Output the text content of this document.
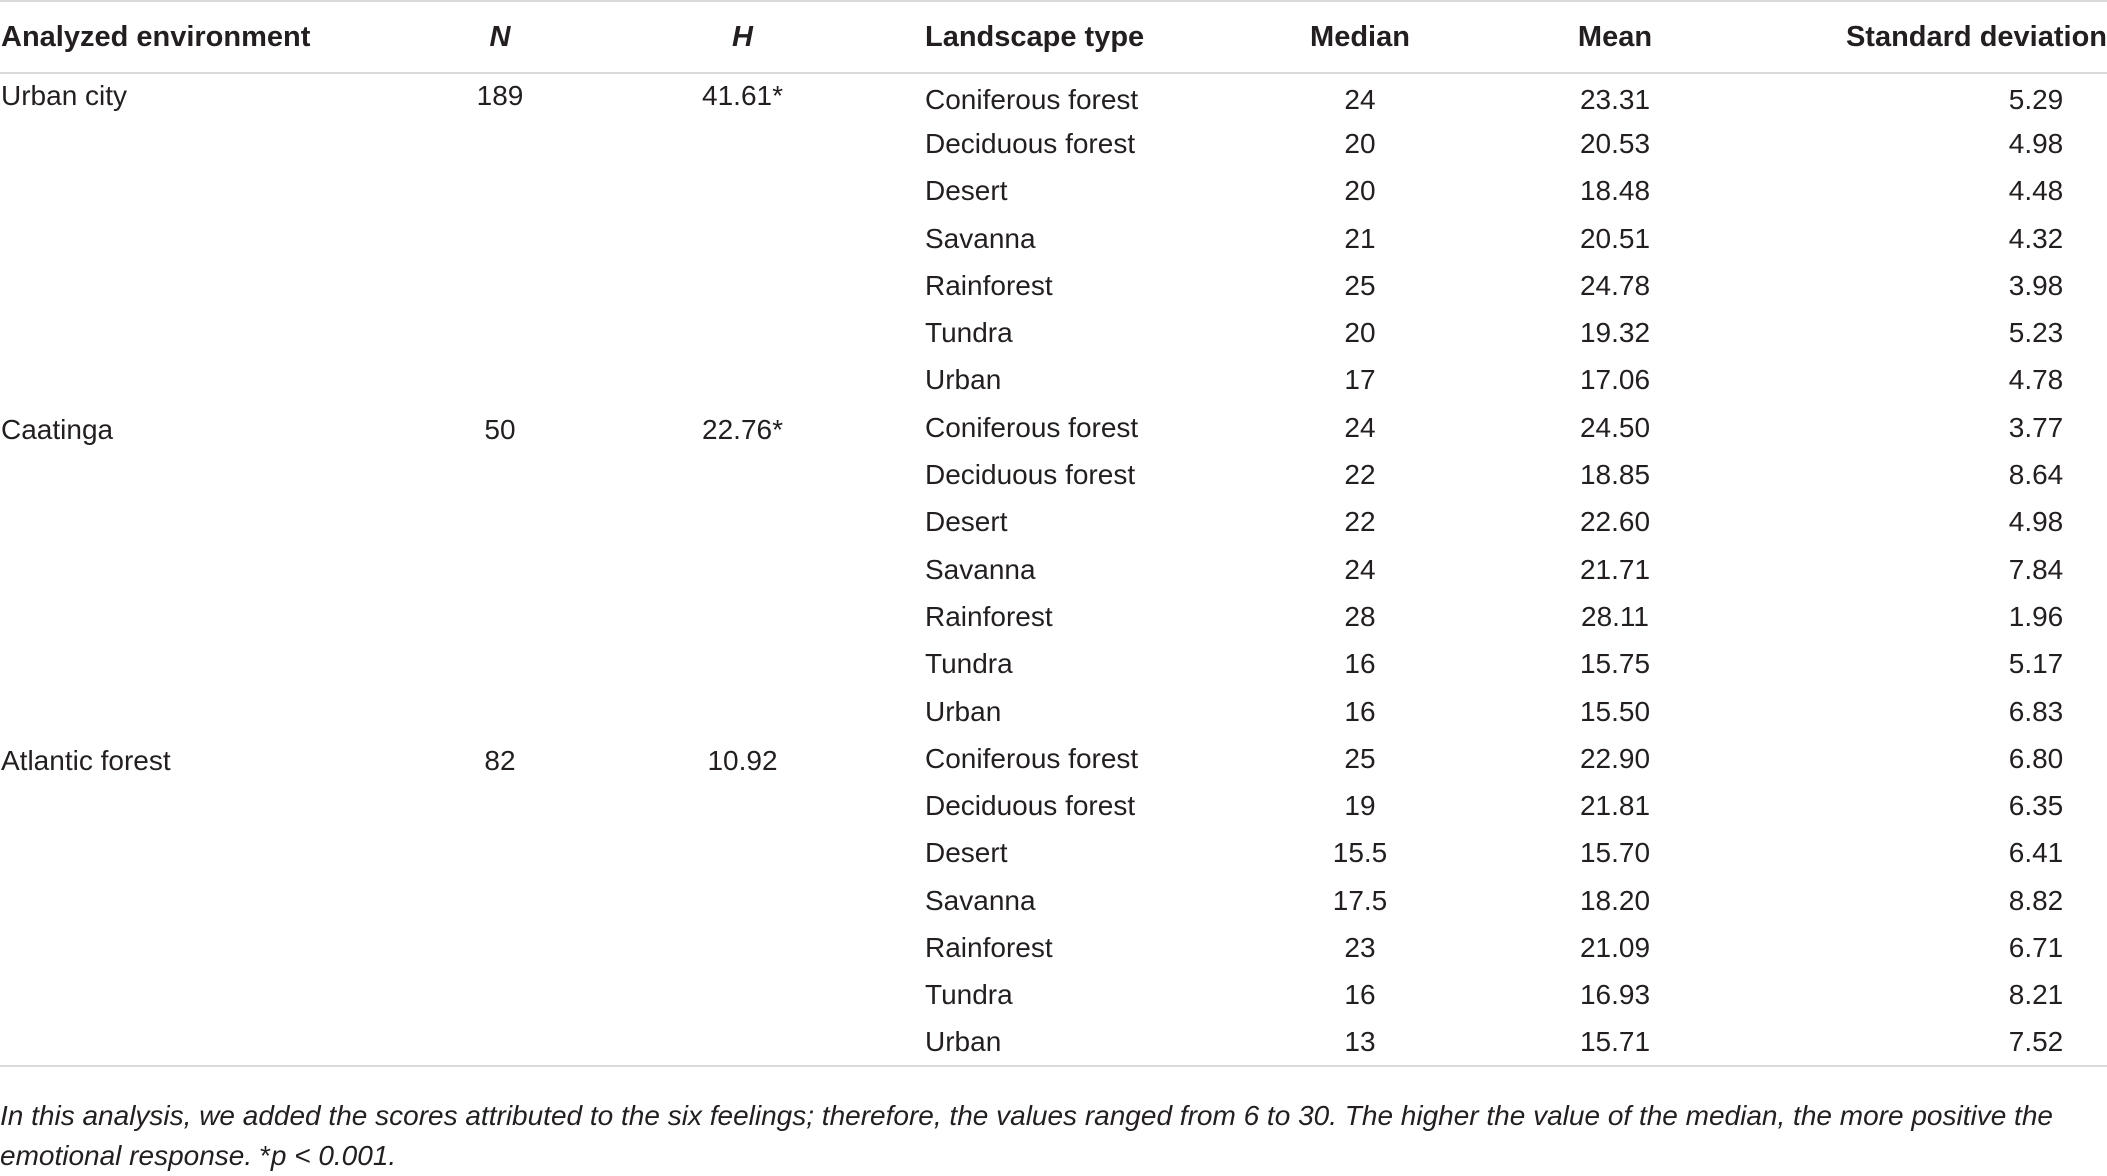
Analyzed environment	N	H	Landscape type	Median	Mean	Standard deviation
Urban city	189	41.61*	Coniferous forest	24	23.31	5.29
			Deciduous forest	20	20.53	4.98
			Desert	20	18.48	4.48
			Savanna	21	20.51	4.32
			Rainforest	25	24.78	3.98
			Tundra	20	19.32	5.23
			Urban	17	17.06	4.78
Caatinga	50	22.76*	Coniferous forest	24	24.50	3.77
			Deciduous forest	22	18.85	8.64
			Desert	22	22.60	4.98
			Savanna	24	21.71	7.84
			Rainforest	28	28.11	1.96
			Tundra	16	15.75	5.17
			Urban	16	15.50	6.83
Atlantic forest	82	10.92	Coniferous forest	25	22.90	6.80
			Deciduous forest	19	21.81	6.35
			Desert	15.5	15.70	6.41
			Savanna	17.5	18.20	8.82
			Rainforest	23	21.09	6.71
			Tundra	16	16.93	8.21
			Urban	13	15.71	7.52
In this analysis, we added the scores attributed to the six feelings; therefore, the values ranged from 6 to 30. The higher the value of the median, the more positive the
emotional response. *p < 0.001.
